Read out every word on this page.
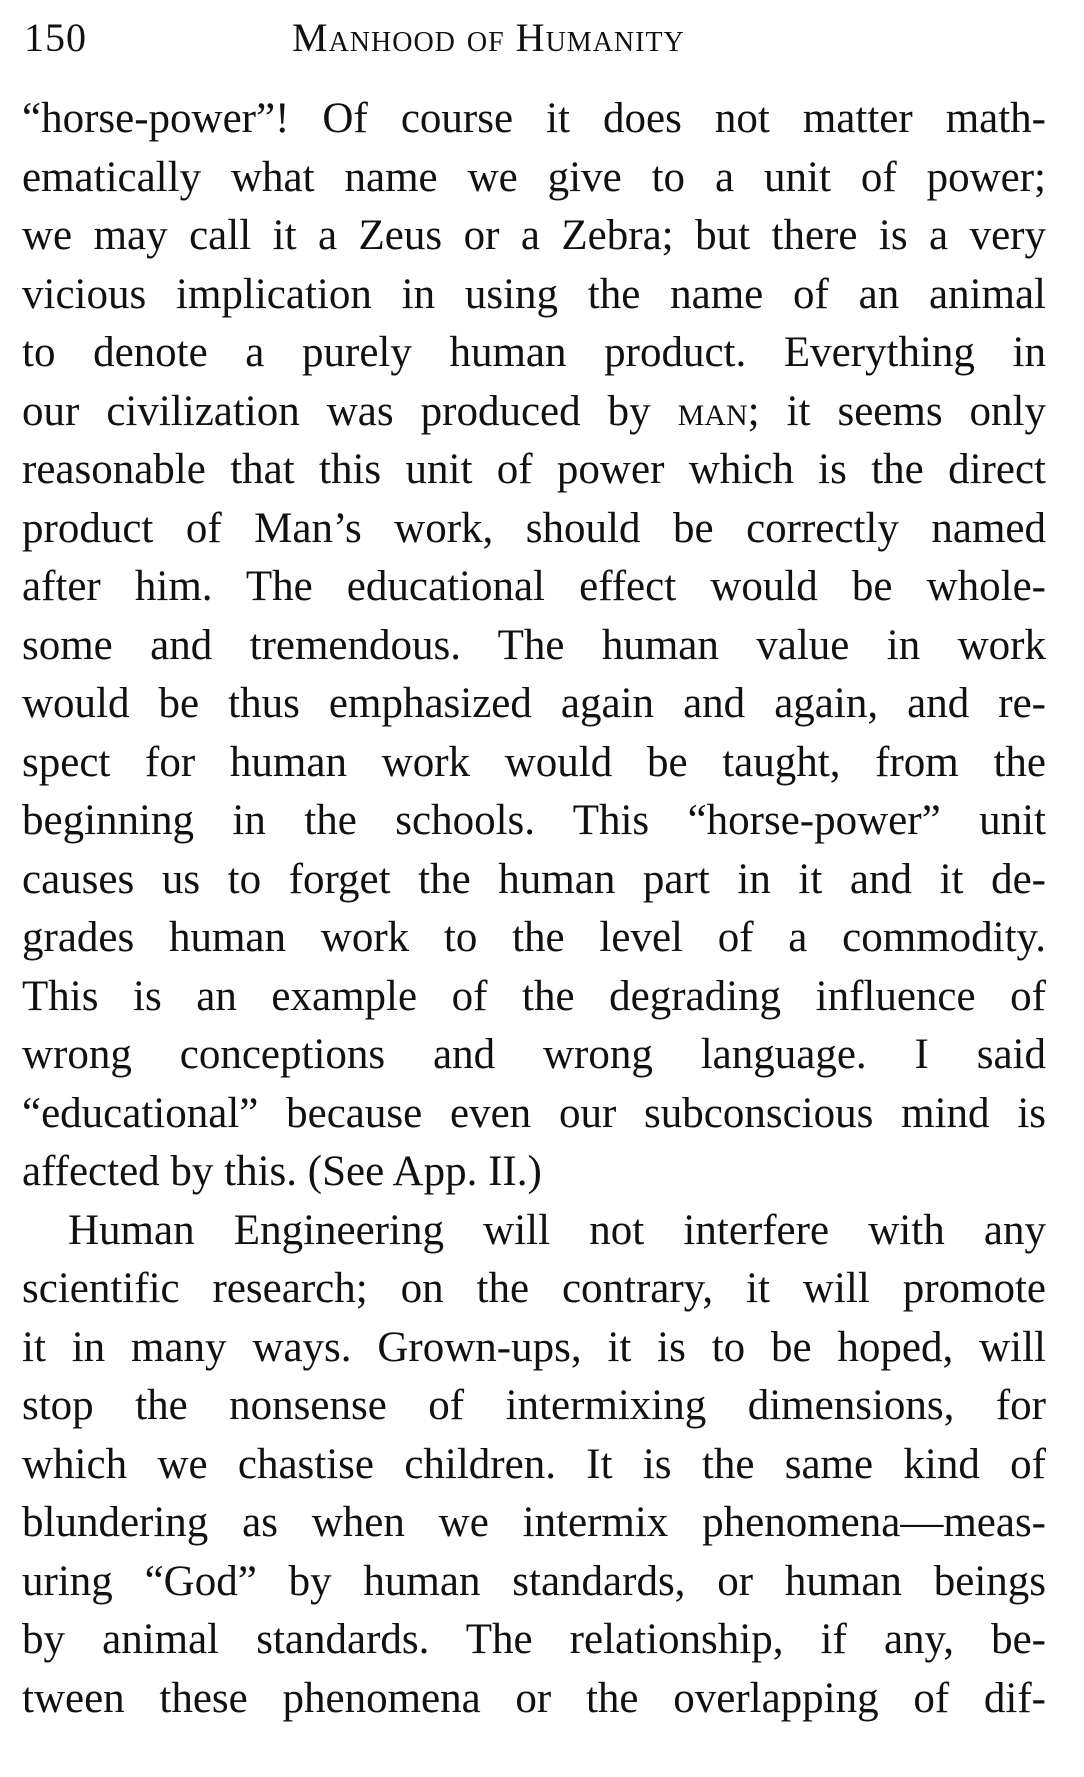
150	Manhood of Humanity
“horse-power”! Of course it does not matter math-
ematically what name we give to a unit of power;
we may call it a Zeus or a Zebra; but there is a very
vicious implication in using the name of an animal
to denote a purely human product. Everything in
our civilization was produced by man; it seems only
reasonable that this unit of power which is the direct
product of Man’s work, should be correctly named
after him. The educational effect would be whole-
some and tremendous. The human value in work
would be thus emphasized again and again, and re-
spect for human work would be taught, from the
beginning in the schools. This “horse-power” unit
causes us to forget the human part in it and it de-
grades human work to the level of a commodity.
This is an example of the degrading influence of
wrong conceptions and wrong language. I said
“educational” because even our subconscious mind is
affected by this. (See App. II.)
Human Engineering will not interfere with any
scientific research; on the contrary, it will promote
it in many ways. Grown-ups, it is to be hoped, will
stop the nonsense of intermixing dimensions, for
which we chastise children. It is the same kind of
blundering as when we intermix phenomena—meas-
uring “God” by human standards, or human beings
by animal standards. The relationship, if any, be-
tween these phenomena or the overlapping of dif-
